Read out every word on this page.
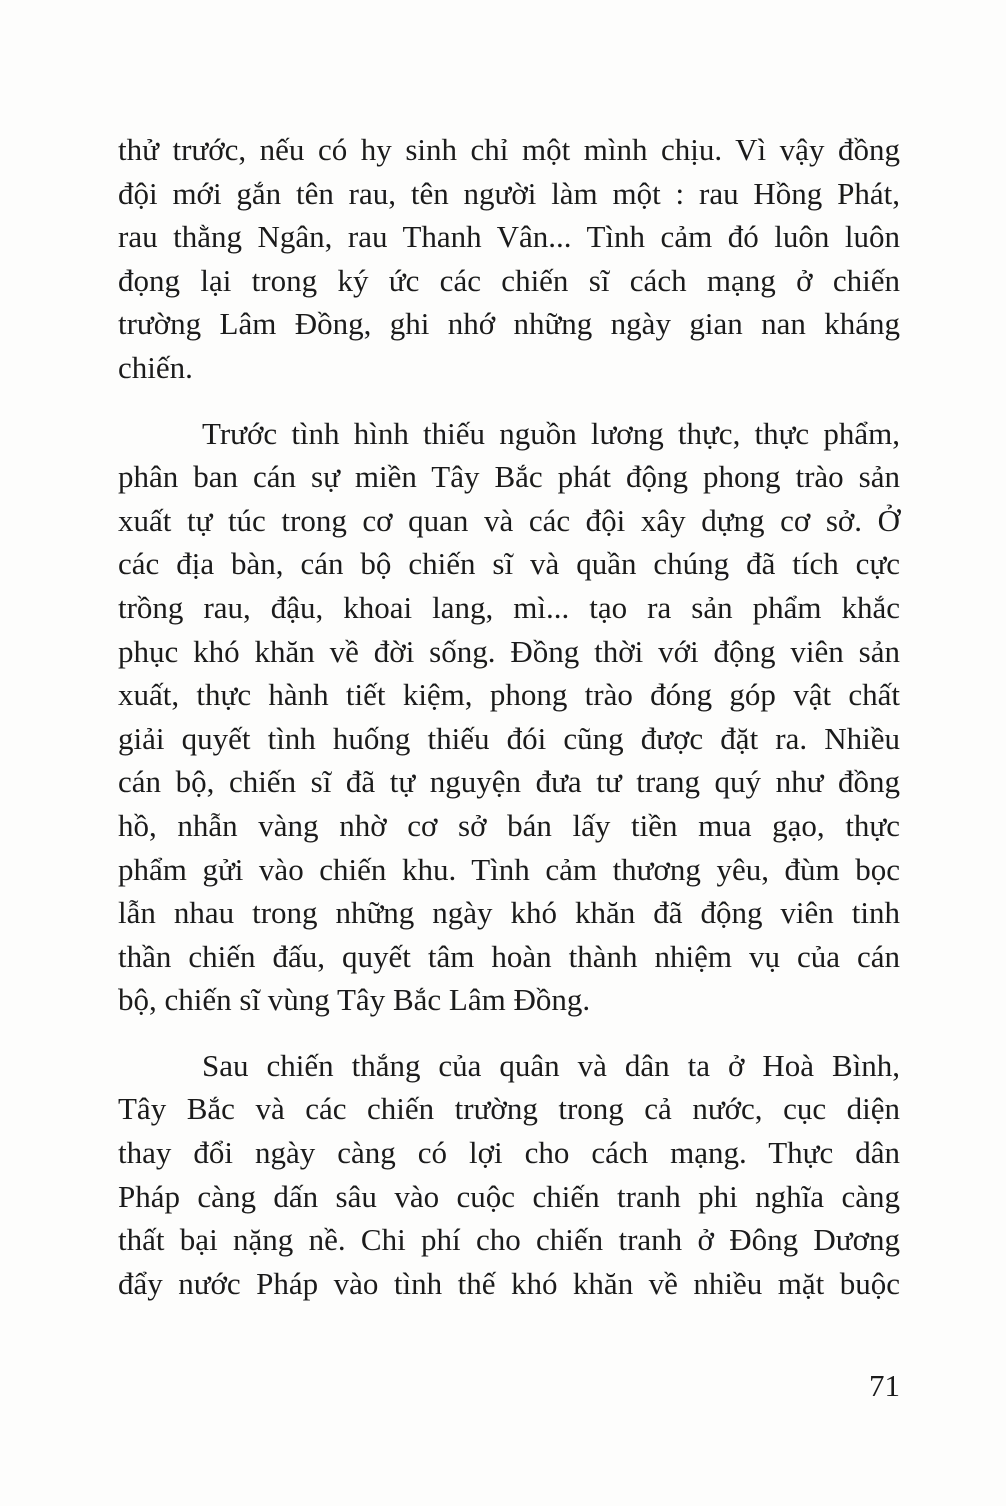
thử trước, nếu có hy sinh chỉ một mình chịu. Vì vậy đồng
đội mới gắn tên rau, tên người làm một : rau Hồng Phát,
rau thằng Ngân, rau Thanh Vân... Tình cảm đó luôn luôn
đọng lại trong ký ức các chiến sĩ cách mạng ở chiến
trường Lâm Đồng, ghi nhớ những ngày gian nan kháng
chiến.
Trước tình hình thiếu nguồn lương thực, thực phẩm,
phân ban cán sự miền Tây Bắc phát động phong trào sản
xuất tự túc trong cơ quan và các đội xây dựng cơ sở. Ở
các địa bàn, cán bộ chiến sĩ và quần chúng đã tích cực
trồng rau, đậu, khoai lang, mì... tạo ra sản phẩm khắc
phục khó khăn về đời sống. Đồng thời với động viên sản
xuất, thực hành tiết kiệm, phong trào đóng góp vật chất
giải quyết tình huống thiếu đói cũng được đặt ra. Nhiều
cán bộ, chiến sĩ đã tự nguyện đưa tư trang quý như đồng
hồ, nhẫn vàng nhờ cơ sở bán lấy tiền mua gạo, thực
phẩm gửi vào chiến khu. Tình cảm thương yêu, đùm bọc
lẫn nhau trong những ngày khó khăn đã động viên tinh
thần chiến đấu, quyết tâm hoàn thành nhiệm vụ của cán
bộ, chiến sĩ vùng Tây Bắc Lâm Đồng.
Sau chiến thắng của quân và dân ta ở Hoà Bình,
Tây Bắc và các chiến trường trong cả nước, cục diện
thay đổi ngày càng có lợi cho cách mạng. Thực dân
Pháp càng dấn sâu vào cuộc chiến tranh phi nghĩa càng
thất bại nặng nề. Chi phí cho chiến tranh ở Đông Dương
đẩy nước Pháp vào tình thế khó khăn về nhiều mặt buộc
71
